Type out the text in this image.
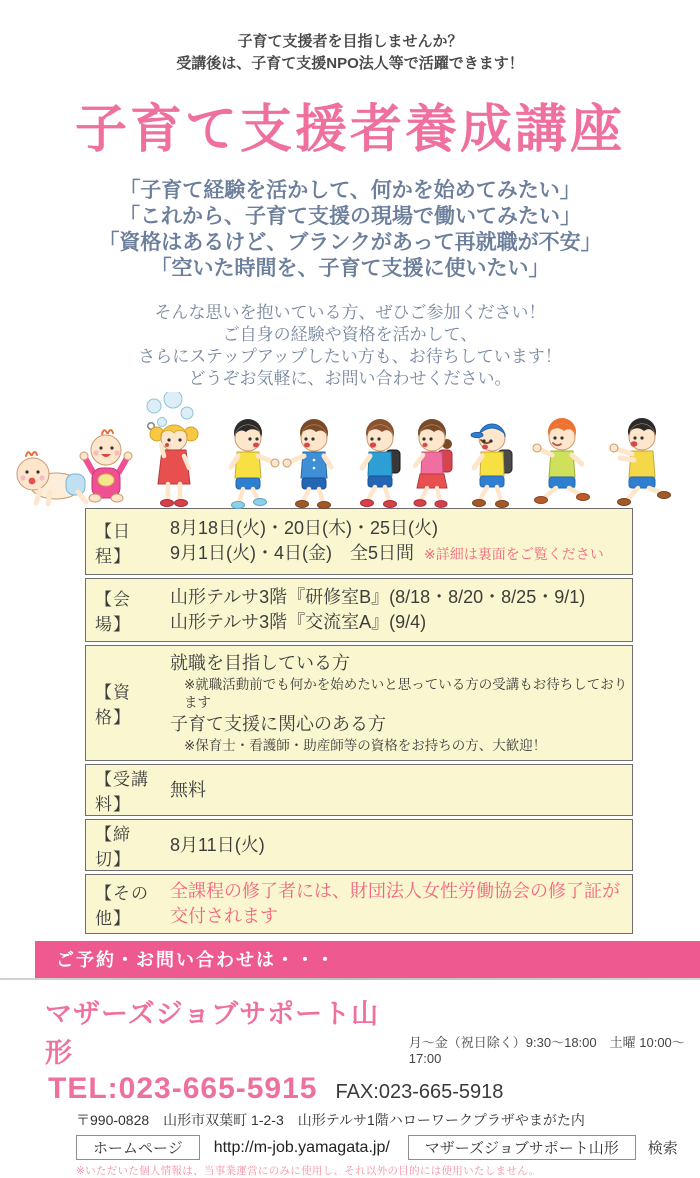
子育て支援者を目指しませんか？
受講後は、子育て支援NPO法人等で活躍できます！
子育て支援者養成講座
「子育て経験を活かして、何かを始めてみたい」
「これから、子育て支援の現場で働いてみたい」
「資格はあるけど、ブランクがあって再就職が不安」
「空いた時間を、子育て支援に使いたい」
そんな思いを抱いている方、ぜひご参加ください！
ご自身の経験や資格を活かして、
さらにステップアップしたい方も、お待ちしています！
どうぞお気軽に、お問い合わせください。
【日　程】
8月18日(火)・20日(木)・25日(火)
9月1日(火)・4日(金)　全5日間 ※詳細は裏面をご覧ください
【会　場】
山形テルサ3階『研修室B』(8/18・8/20・8/25・9/1)
山形テルサ3階『交流室A』(9/4)
【資　格】
就職を目指している方
※就職活動前でも何かを始めたいと思っている方の受講もお待ちしております
子育て支援に関心のある方
※保育士・看護師・助産師等の資格をお持ちの方、大歓迎！
【受講料】
無料
【締　切】
8月11日(火)
【その他】
全課程の修了者には、財団法人女性労働協会の修了証が交付されます
ご予約・お問い合わせは・・・
マザーズジョブサポート山形	月～金（祝日除く）9:30～18:00　土曜 10:00～17:00
TEL:023-665-5915 FAX:023-665-5918
〒990-0828　山形市双葉町 1-2-3　山形テルサ1階ハローワークプラザやまがた内
ホームページ	http://m-job.yamagata.jp/	マザーズジョブサポート山形	検索
※いただいた個人情報は、当事業運営にのみに使用し、それ以外の目的には使用いたしません。
